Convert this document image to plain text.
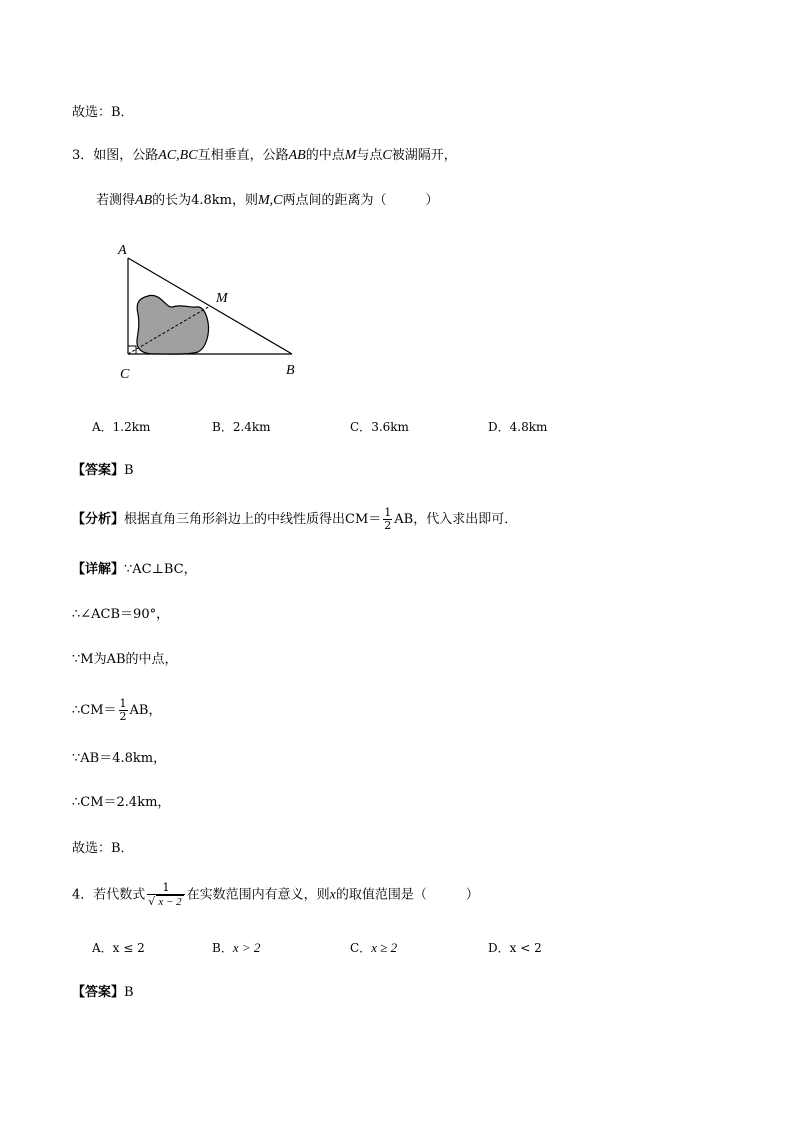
故选：B．
3．如图，公路AC,BC互相垂直，公路AB的中点M与点C被湖隔开，
若测得AB的长为4.8km，则M,C两点间的距离为（　　　	）
A
M
C	B
A．1.2km	B．2.4km	C．3.6km	D．4.8km
【答案】B
【分析】根据直角三角形斜边上的中线性质得出$CM= \frac{1}{2}$ AB，代入求出即可．
【详解】∵AC⊥BC，
∴∠ACB＝90°，
∵M为AB的中点，
∴CM＝ $\frac{1}{2}$ AB，
∵AB＝4.8km，
∴CM＝2.4km，
故选：B．
4．若代数式 $\frac{1}{√ x - 2}$ 在实数范围内有意义，则x的取值范围是（　　　	）
A．x ≤ 2	B．x > 2	C．x ≥ 2	D．x < 2
【答案】B
